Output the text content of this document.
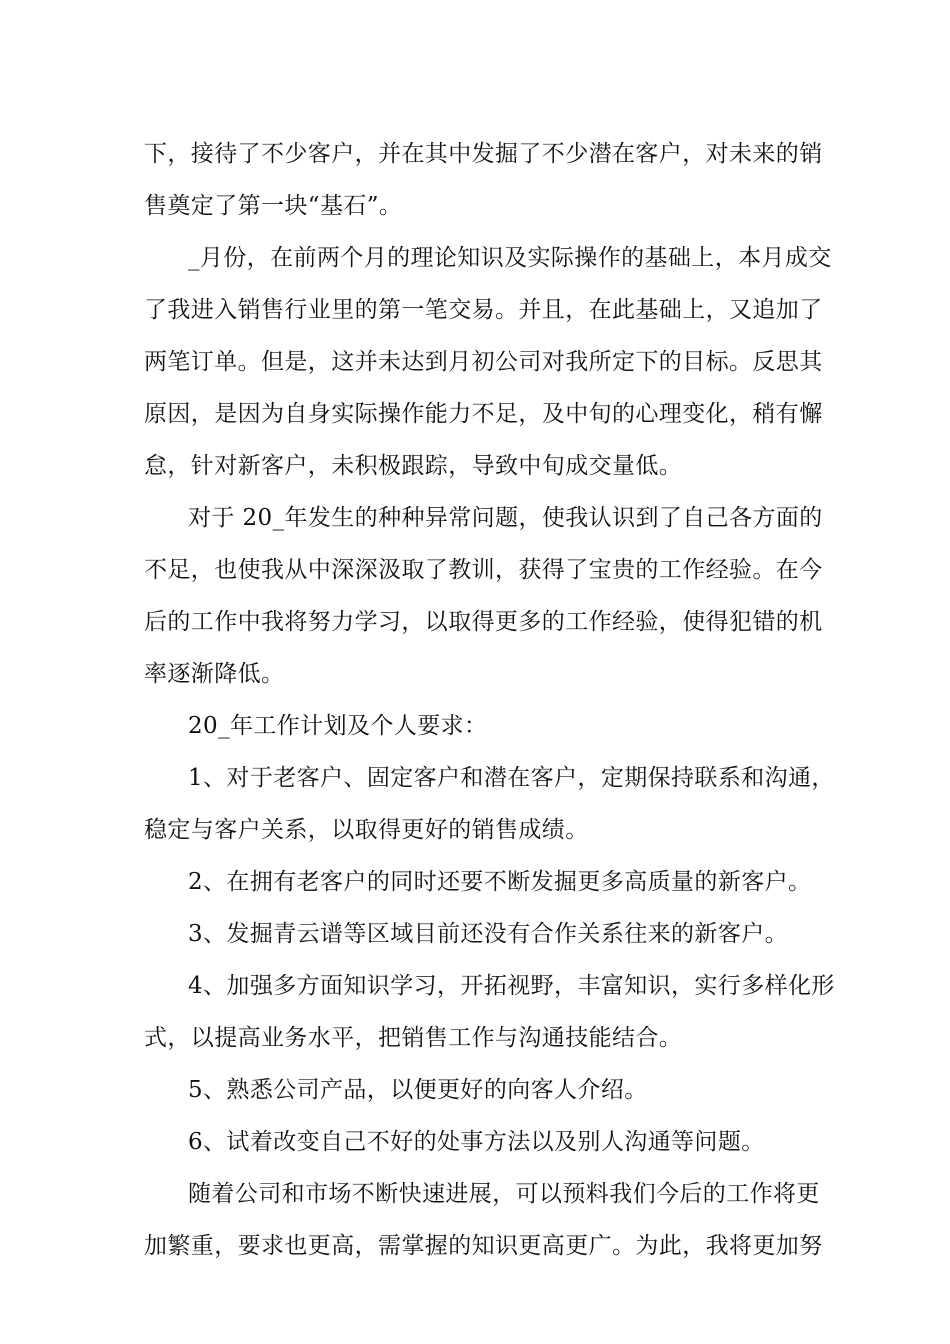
下，接待了不少客户，并在其中发掘了不少潜在客户，对未来的销
售奠定了第一块“基石”。
_月份，在前两个月的理论知识及实际操作的基础上，本月成交
了我进入销售行业里的第一笔交易。并且，在此基础上，又追加了
两笔订单。但是，这并未达到月初公司对我所定下的目标。反思其
原因，是因为自身实际操作能力不足，及中旬的心理变化，稍有懈
怠，针对新客户，未积极跟踪，导致中旬成交量低。
对于 20_年发生的种种异常问题，使我认识到了自己各方面的
不足，也使我从中深深汲取了教训，获得了宝贵的工作经验。在今
后的工作中我将努力学习，以取得更多的工作经验，使得犯错的机
率逐渐降低。
20_年工作计划及个人要求：
1、对于老客户、固定客户和潜在客户，定期保持联系和沟通，
稳定与客户关系，以取得更好的销售成绩。
2、在拥有老客户的同时还要不断发掘更多高质量的新客户。
3、发掘青云谱等区域目前还没有合作关系往来的新客户。
4、加强多方面知识学习，开拓视野，丰富知识，实行多样化形
式，以提高业务水平，把销售工作与沟通技能结合。
5、熟悉公司产品，以便更好的向客人介绍。
6、试着改变自己不好的处事方法以及别人沟通等问题。
随着公司和市场不断快速进展，可以预料我们今后的工作将更
加繁重，要求也更高，需掌握的知识更高更广。为此，我将更加努
